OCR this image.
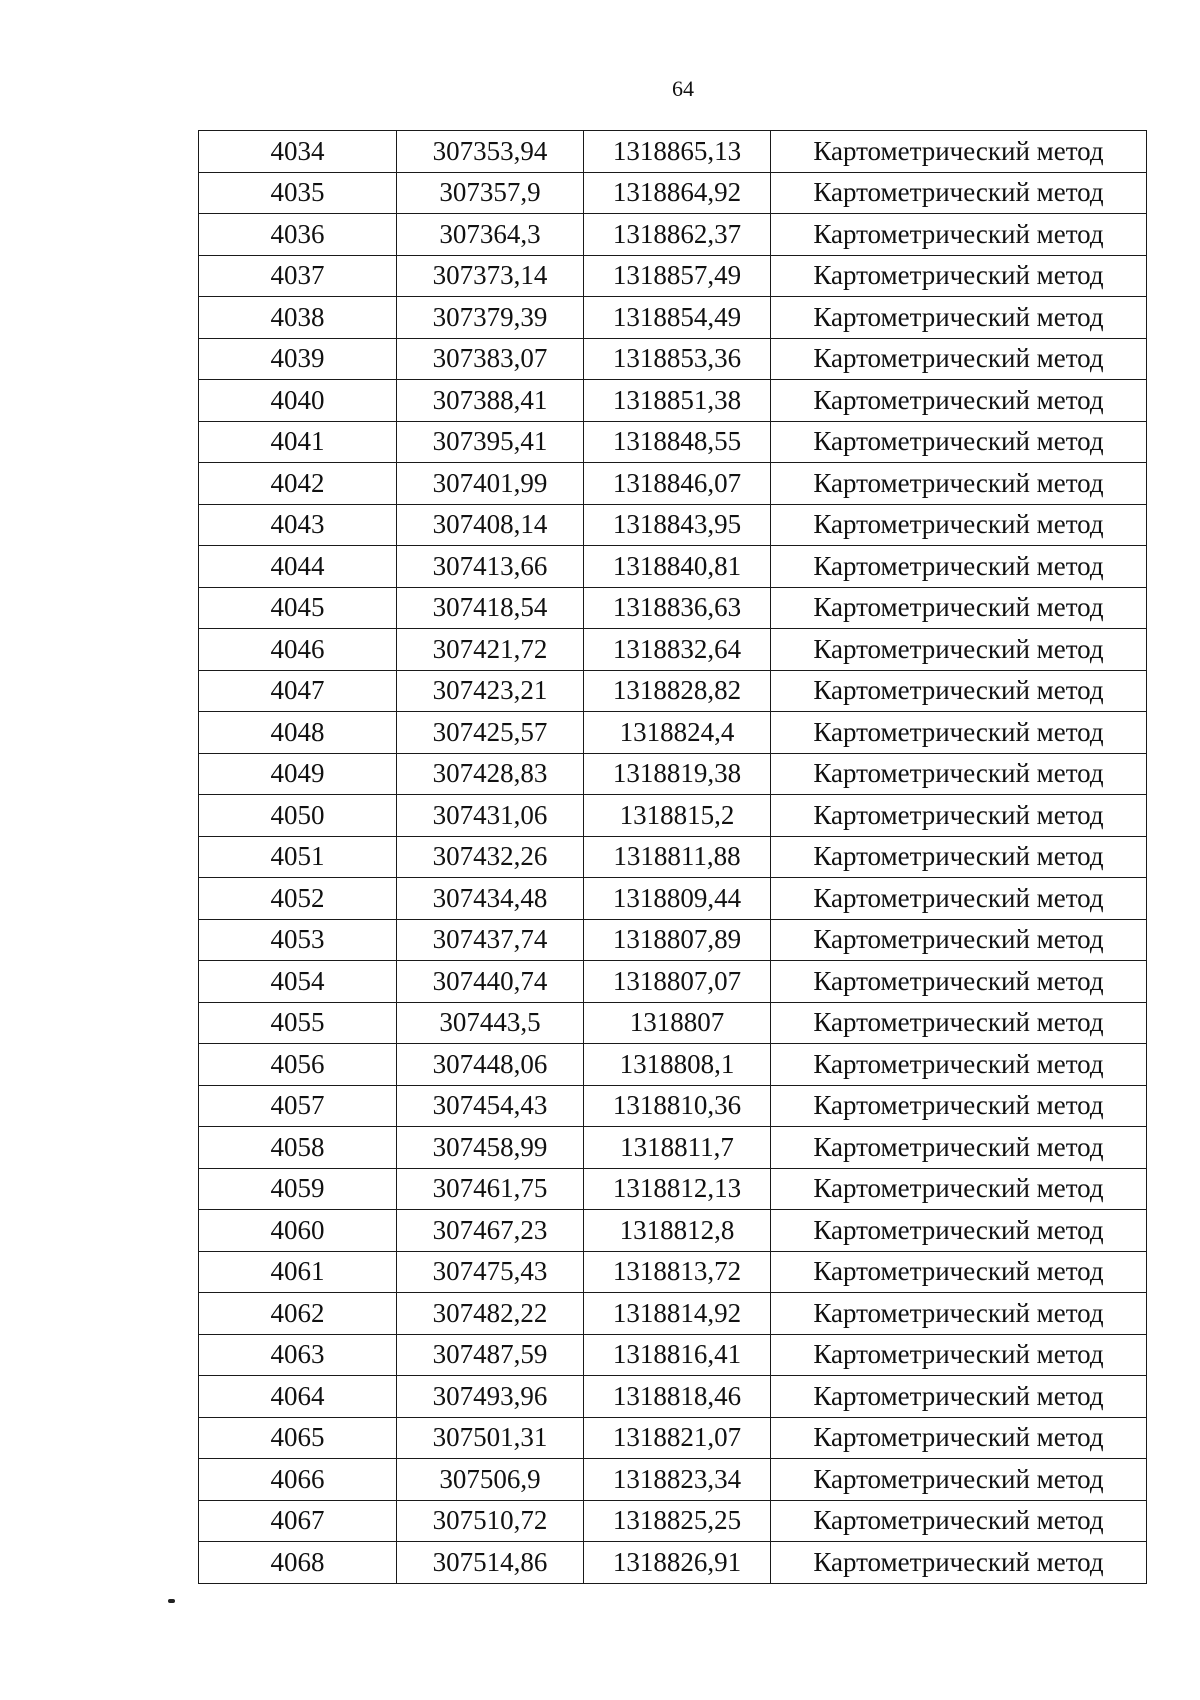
64
4034	307353,94	1318865,13	Картометрический метод
4035	307357,9	1318864,92	Картометрический метод
4036	307364,3	1318862,37	Картометрический метод
4037	307373,14	1318857,49	Картометрический метод
4038	307379,39	1318854,49	Картометрический метод
4039	307383,07	1318853,36	Картометрический метод
4040	307388,41	1318851,38	Картометрический метод
4041	307395,41	1318848,55	Картометрический метод
4042	307401,99	1318846,07	Картометрический метод
4043	307408,14	1318843,95	Картометрический метод
4044	307413,66	1318840,81	Картометрический метод
4045	307418,54	1318836,63	Картометрический метод
4046	307421,72	1318832,64	Картометрический метод
4047	307423,21	1318828,82	Картометрический метод
4048	307425,57	1318824,4	Картометрический метод
4049	307428,83	1318819,38	Картометрический метод
4050	307431,06	1318815,2	Картометрический метод
4051	307432,26	1318811,88	Картометрический метод
4052	307434,48	1318809,44	Картометрический метод
4053	307437,74	1318807,89	Картометрический метод
4054	307440,74	1318807,07	Картометрический метод
4055	307443,5	1318807	Картометрический метод
4056	307448,06	1318808,1	Картометрический метод
4057	307454,43	1318810,36	Картометрический метод
4058	307458,99	1318811,7	Картометрический метод
4059	307461,75	1318812,13	Картометрический метод
4060	307467,23	1318812,8	Картометрический метод
4061	307475,43	1318813,72	Картометрический метод
4062	307482,22	1318814,92	Картометрический метод
4063	307487,59	1318816,41	Картометрический метод
4064	307493,96	1318818,46	Картометрический метод
4065	307501,31	1318821,07	Картометрический метод
4066	307506,9	1318823,34	Картометрический метод
4067	307510,72	1318825,25	Картометрический метод
4068	307514,86	1318826,91	Картометрический метод
